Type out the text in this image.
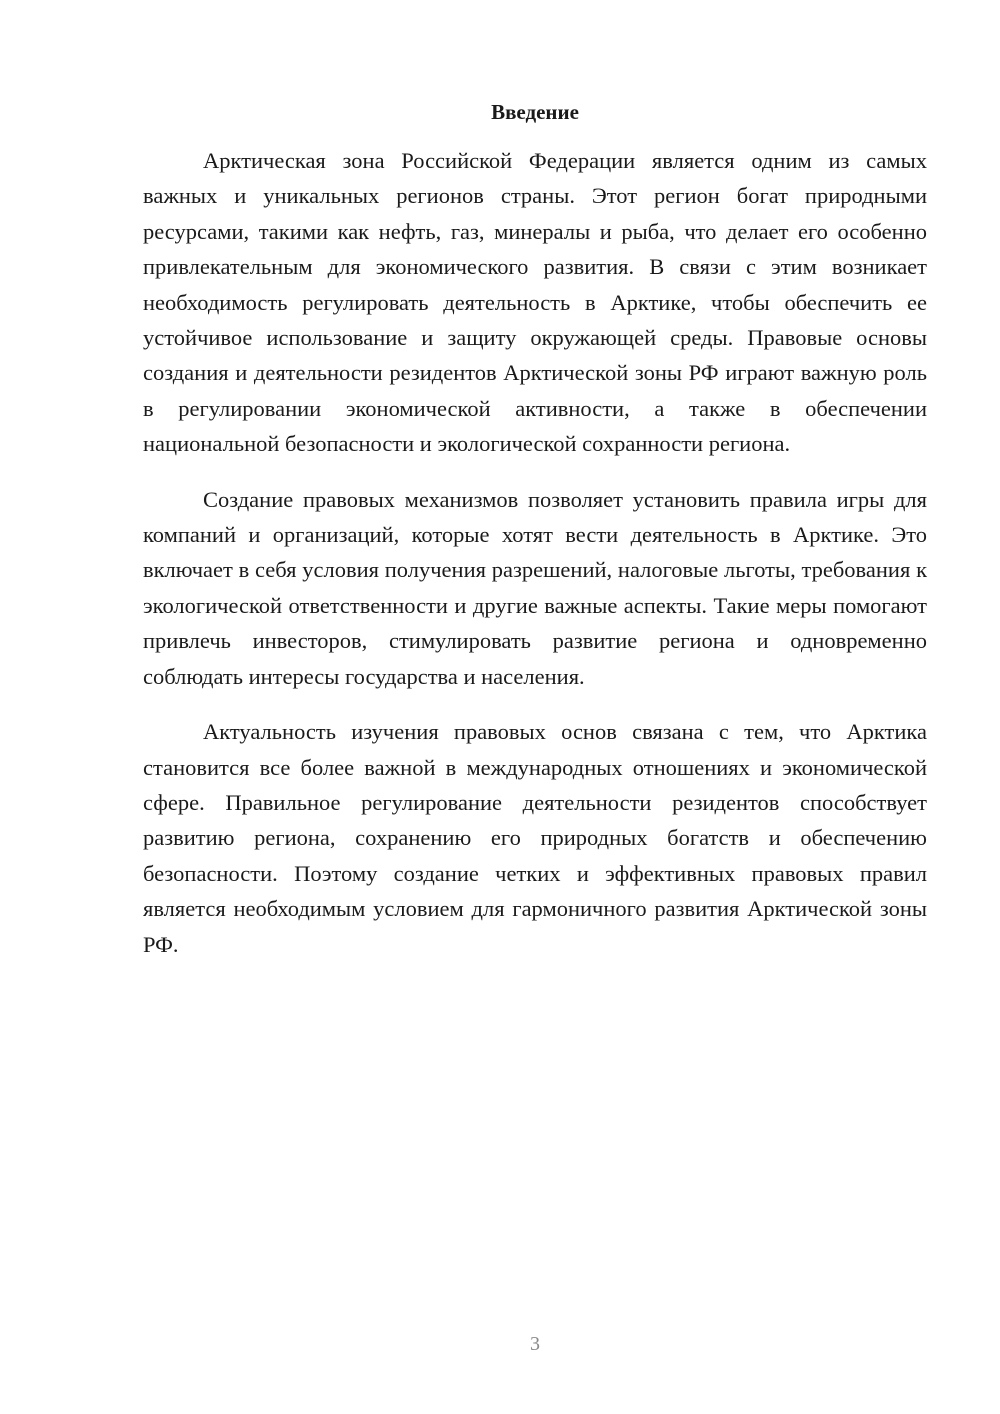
Введение

Арктическая зона Российской Федерации является одним из самых важных и уникальных регионов страны. Этот регион богат природными ресурсами, такими как нефть, газ, минералы и рыба, что делает его особенно привлекательным для экономического развития. В связи с этим возникает необходимость регулировать деятельность в Арктике, чтобы обеспечить ее устойчивое использование и защиту окружающей среды. Правовые основы создания и деятельности резидентов Арктической зоны РФ играют важную роль в регулировании экономической активности, а также в обеспечении национальной безопасности и экологической сохранности региона.

Создание правовых механизмов позволяет установить правила игры для компаний и организаций, которые хотят вести деятельность в Арктике. Это включает в себя условия получения разрешений, налоговые льготы, требования к экологической ответственности и другие важные аспекты. Такие меры помогают привлечь инвесторов, стимулировать развитие региона и одновременно соблюдать интересы государства и населения.

Актуальность изучения правовых основ связана с тем, что Арктика становится все более важной в международных отношениях и экономической сфере. Правильное регулирование деятельности резидентов способствует развитию региона, сохранению его природных богатств и обеспечению безопасности. Поэтому создание четких и эффективных правовых правил является необходимым условием для гармоничного развития Арктической зоны РФ.

3
